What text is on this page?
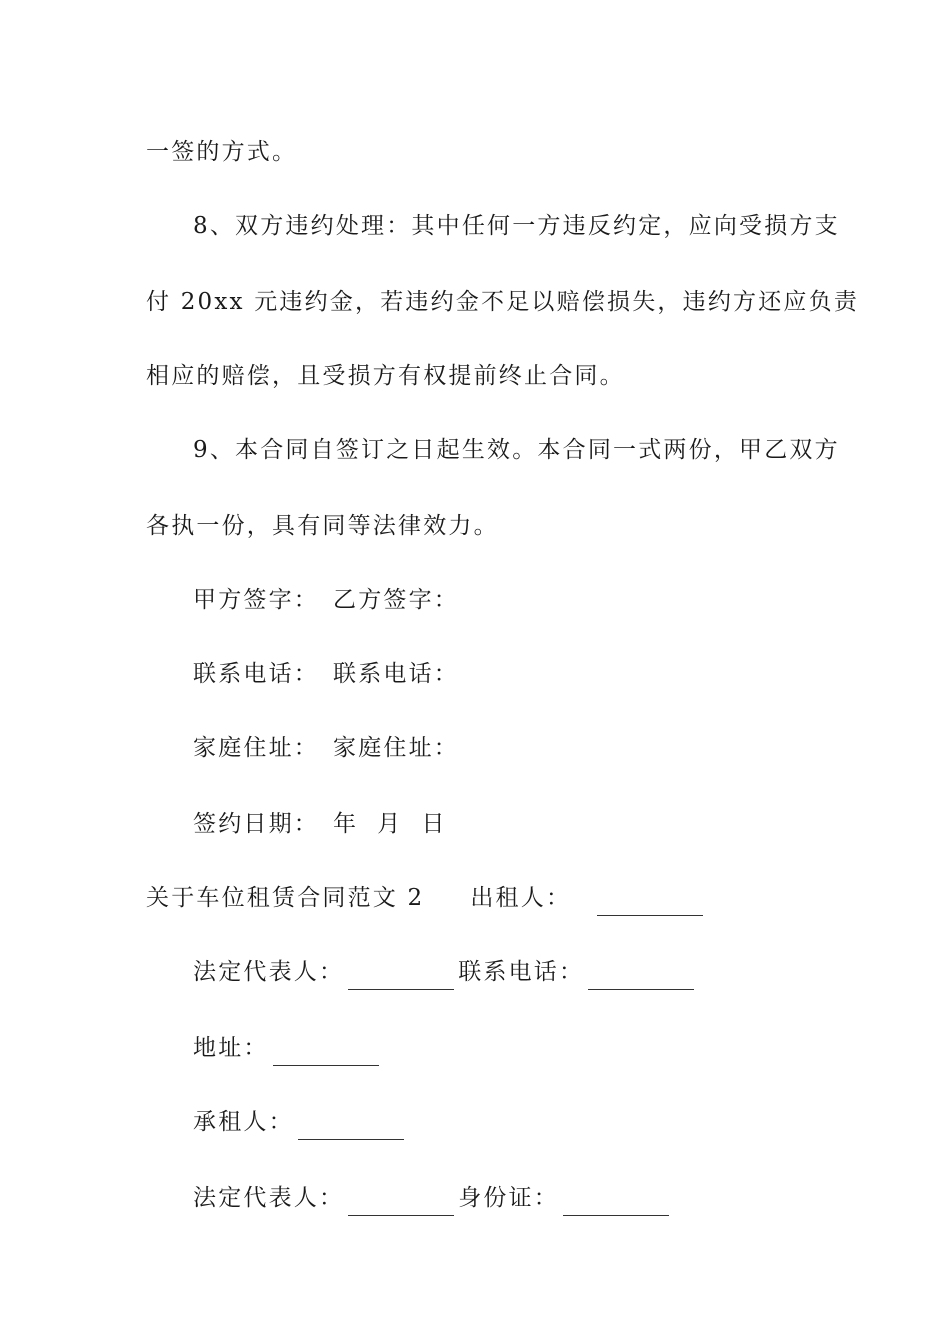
一签的方式。
8、双方违约处理：其中任何一方违反约定，应向受损方支
付 20xx 元违约金，若违约金不足以赔偿损失，违约方还应负责
相应的赔偿，且受损方有权提前终止合同。
9、本合同自签订之日起生效。本合同一式两份，甲乙双方
各执一份，具有同等法律效力。
甲方签字： 乙方签字：
联系电话： 联系电话：
家庭住址： 家庭住址：
签约日期： 年 月 日
关于车位租赁合同范文 2 出租人：
法定代表人：	联系电话：
地址：
承租人：
法定代表人：	身份证：
